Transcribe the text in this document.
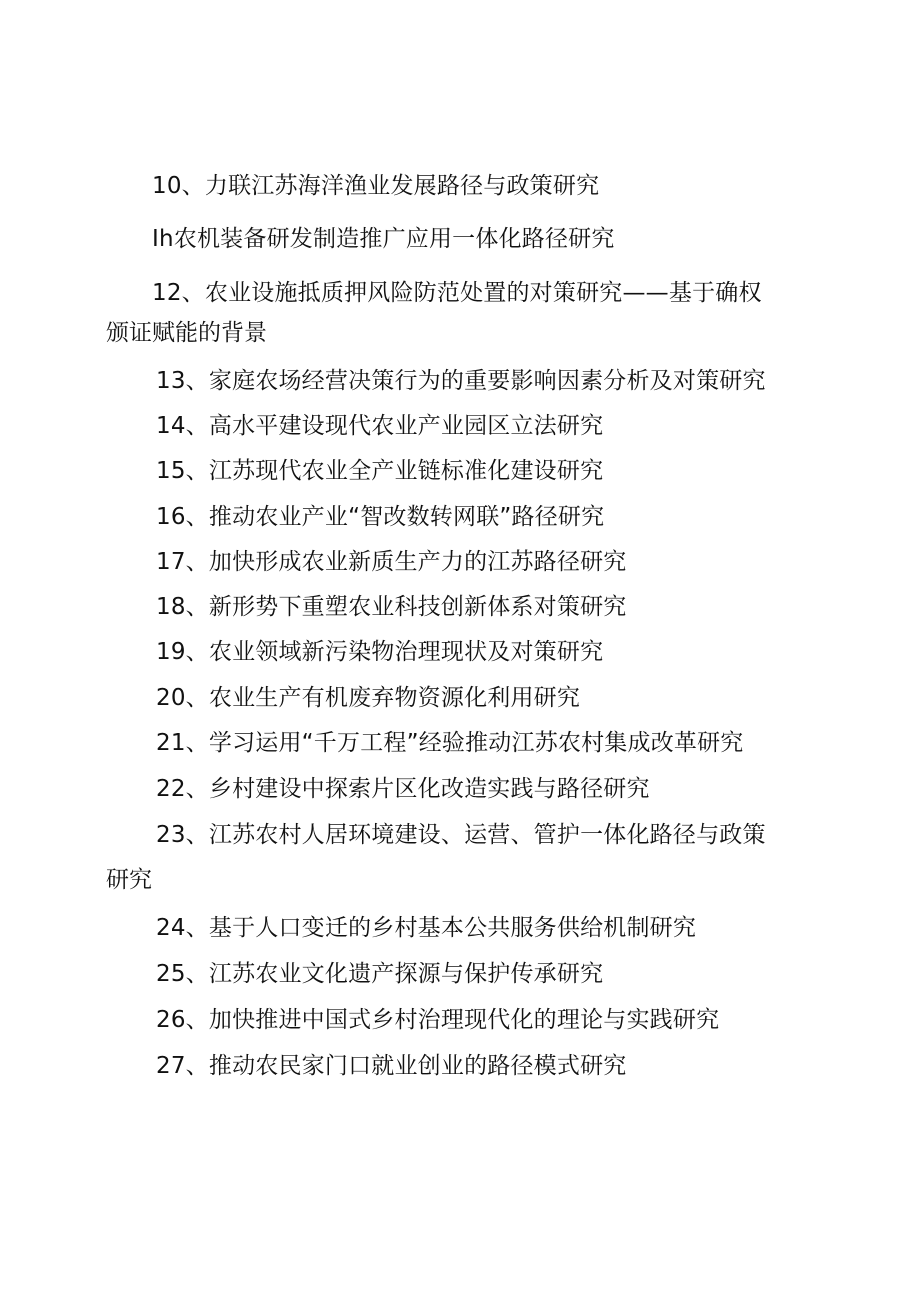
10、力联江苏海洋渔业发展路径与政策研究
Ih农机装备研发制造推广应用一体化路径研究
12、农业设施抵质押风险防范处置的对策研究——基于确权
颁证赋能的背景
13、家庭农场经营决策行为的重要影响因素分析及对策研究
14、高水平建设现代农业产业园区立法研究
15、江苏现代农业全产业链标准化建设研究
16、推动农业产业“智改数转网联”路径研究
17、加快形成农业新质生产力的江苏路径研究
18、新形势下重塑农业科技创新体系对策研究
19、农业领域新污染物治理现状及对策研究
20、农业生产有机废弃物资源化利用研究
21、学习运用“千万工程”经验推动江苏农村集成改革研究
22、乡村建设中探索片区化改造实践与路径研究
23、江苏农村人居环境建设、运营、管护一体化路径与政策
研究
24、基于人口变迁的乡村基本公共服务供给机制研究
25、江苏农业文化遗产探源与保护传承研究
26、加快推进中国式乡村治理现代化的理论与实践研究
27、推动农民家门口就业创业的路径模式研究
